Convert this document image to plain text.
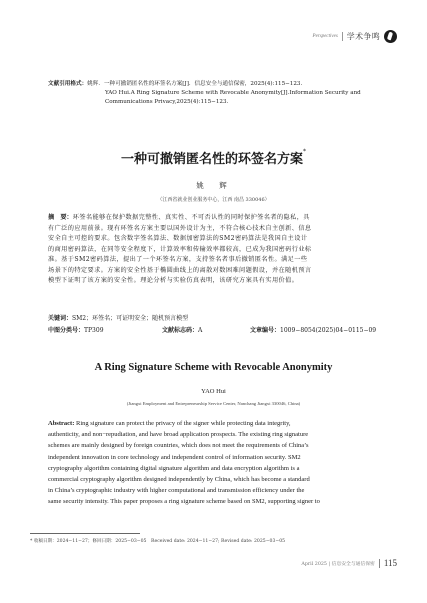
Perspectives 学术争鸣
文献引用格式：姚辉．一种可撤销匿名性的环签名方案[J]．信息安全与通信保密，2025(4):115−123.
YAO Hui.A Ring Signature Scheme with Revocable Anonymity[J].Information Security and
Communications Privacy,2025(4):115−123.
一种可撤销匿名性的环签名方案*
姚　辉
（江西省就业创业服务中心，江西 南昌 330046）
摘　要：环签名能够在保护数据完整性、真实性、不可否认性的同时保护签名者的隐私，具
有广泛的应用前景。现有环签名方案主要以国外设计为主，不符合核心技术自主创新、信息
安全自主可控的要求。包含数字签名算法、数据加密算法的SM2密码算法是我国自主设计
的商用密码算法，在同等安全程度下，计算效率和传输效率都较高，已成为我国密码行业标
准。基于SM2密码算法，提出了一个环签名方案，支持签名者事后撤销匿名性。满足一些
场景下的特定要求。方案的安全性基于椭圆曲线上的离散对数困难问题假设，并在随机预言
模型下证明了该方案的安全性。理论分析与实验仿真表明，该研究方案具有实用价值。
关键词：SM2；环签名；可证明安全；随机预言模型
中图分类号：TP309	文献标志码：A	文章编号：1009−8054(2025)04−0115−09
A Ring Signature Scheme with Revocable Anonymity
YAO Hui
(Jiangxi Employment and Entrepreneurship Service Center, Nanchang Jiangxi 330046, China)
Abstract: Ring signature can protect the privacy of the signer while protecting data integrity,
authenticity, and non−repudiation, and have broad application prospects. The existing ring signature
schemes are mainly designed by foreign countries, which does not meet the requirements of China’s
independent innovation in core technology and independent control of information security. SM2
cryptography algorithm containing digital signature algorithm and data encryption algorithm is a
commercial cryptography algorithm designed independently by China, which has become a standard
in China’s cryptographic industry with higher computational and transmission efficiency under the
same security intensity. This paper proposes a ring signature scheme based on SM2, supporting signer to
* 收稿日期：2024−11−27；修回日期：2025−03−05　Received date: 2024−11−27; Revised date: 2025−03−05
April 2025 | 信息安全与通信保密 115
